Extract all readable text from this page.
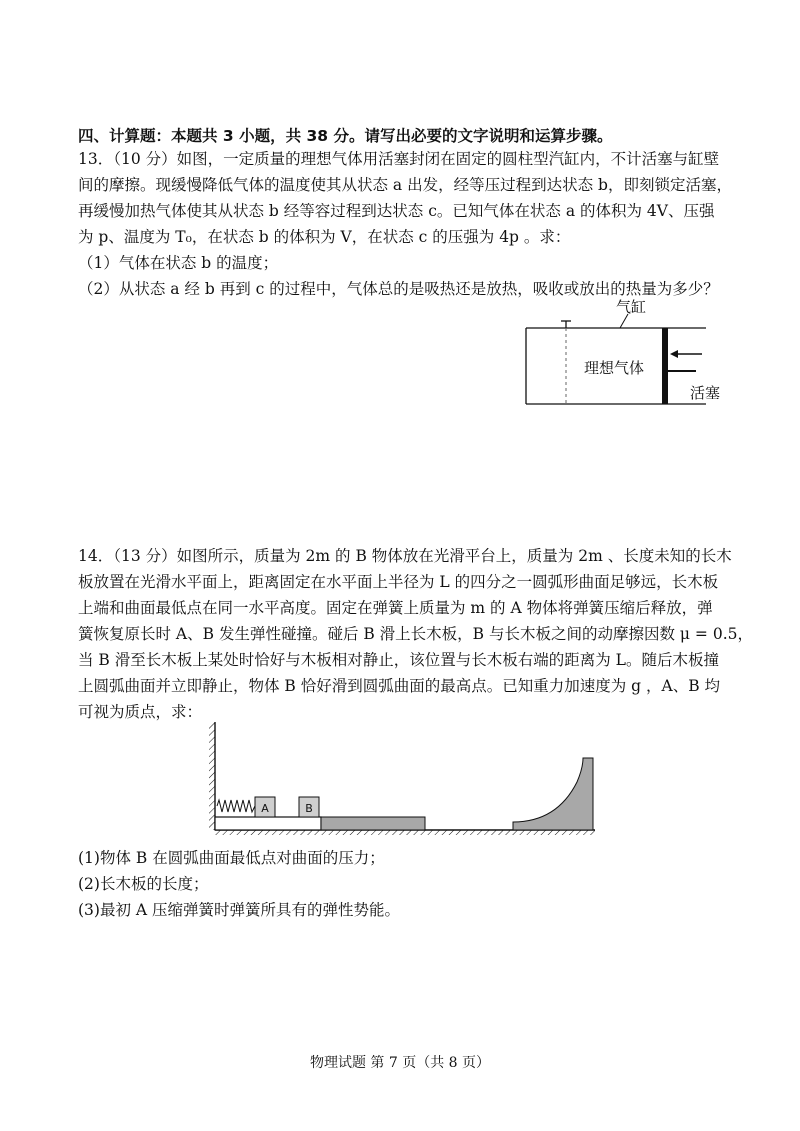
四、计算题：本题共 3 小题，共 38 分。请写出必要的文字说明和运算步骤。
13．（10 分）如图，一定质量的理想气体用活塞封闭在固定的圆柱型汽缸内，不计活塞与缸壁
间的摩擦。现缓慢降低气体的温度使其从状态 a 出发，经等压过程到达状态 b，即刻锁定活塞，
再缓慢加热气体使其从状态 b 经等容过程到达状态 c。已知气体在状态 a 的体积为 4V、压强
为 p、温度为 T₀，在状态 b 的体积为 V，在状态 c 的压强为 4p 。求：
（1）气体在状态 b 的温度；
（2）从状态 a 经 b 再到 c 的过程中，气体总的是吸热还是放热，吸收或放出的热量为多少？
气缸
理想气体
活塞
14．（13 分）如图所示，质量为 2m 的 B 物体放在光滑平台上，质量为 2m 、长度未知的长木
板放置在光滑水平面上，距离固定在水平面上半径为 L 的四分之一圆弧形曲面足够远，长木板
上端和曲面最低点在同一水平高度。固定在弹簧上质量为 m 的 A 物体将弹簧压缩后释放，弹
簧恢复原长时 A、B 发生弹性碰撞。碰后 B 滑上长木板，B 与长木板之间的动摩擦因数 μ = 0.5，
当 B 滑至长木板上某处时恰好与木板相对静止，该位置与长木板右端的距离为 L。随后木板撞
上圆弧曲面并立即静止，物体 B 恰好滑到圆弧曲面的最高点。已知重力加速度为 g ，A、B 均
可视为质点，求：
A	B
(1)物体 B 在圆弧曲面最低点对曲面的压力；
(2)长木板的长度；
(3)最初 A 压缩弹簧时弹簧所具有的弹性势能。
物理试题 第 7 页（共 8 页）
